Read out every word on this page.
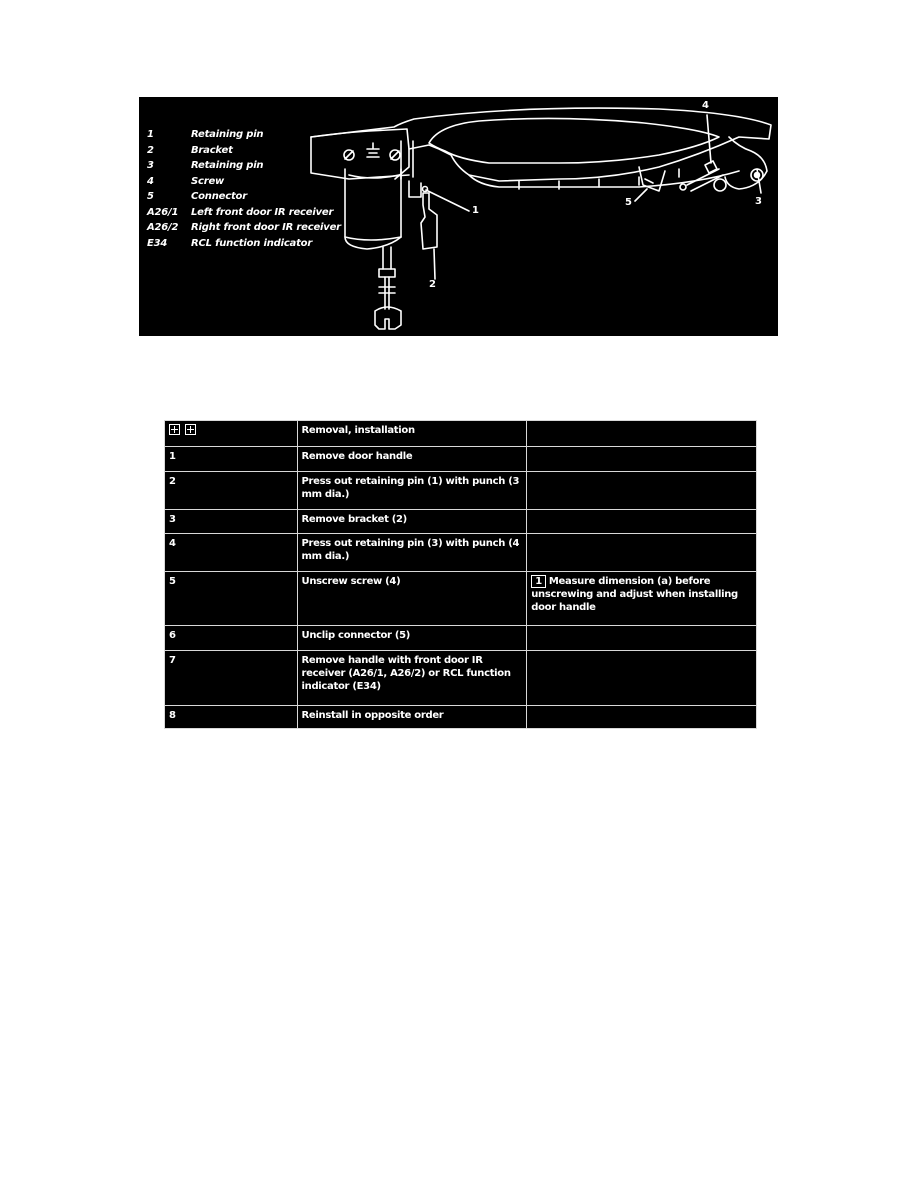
1	Retaining pin
2	Bracket
3	Retaining pin
4	Screw
5	Connector
A26/1	Left front door IR receiver
A26/2	Right front door IR receiver
E34	RCL function indicator
1
2
3
4
5
	Removal, installation	
1	Remove door handle	
2	Press out retaining pin (1) with punch (3 mm dia.)	
3	Remove bracket (2)	
4	Press out retaining pin (3) with punch (4 mm dia.)	
5	Unscrew screw (4)	1 Measure dimension (a) before unscrewing and adjust when installing door handle
6	Unclip connector (5)	
7	Remove handle with front door IR receiver (A26/1, A26/2) or RCL function indicator (E34)	
8	Reinstall in opposite order	
